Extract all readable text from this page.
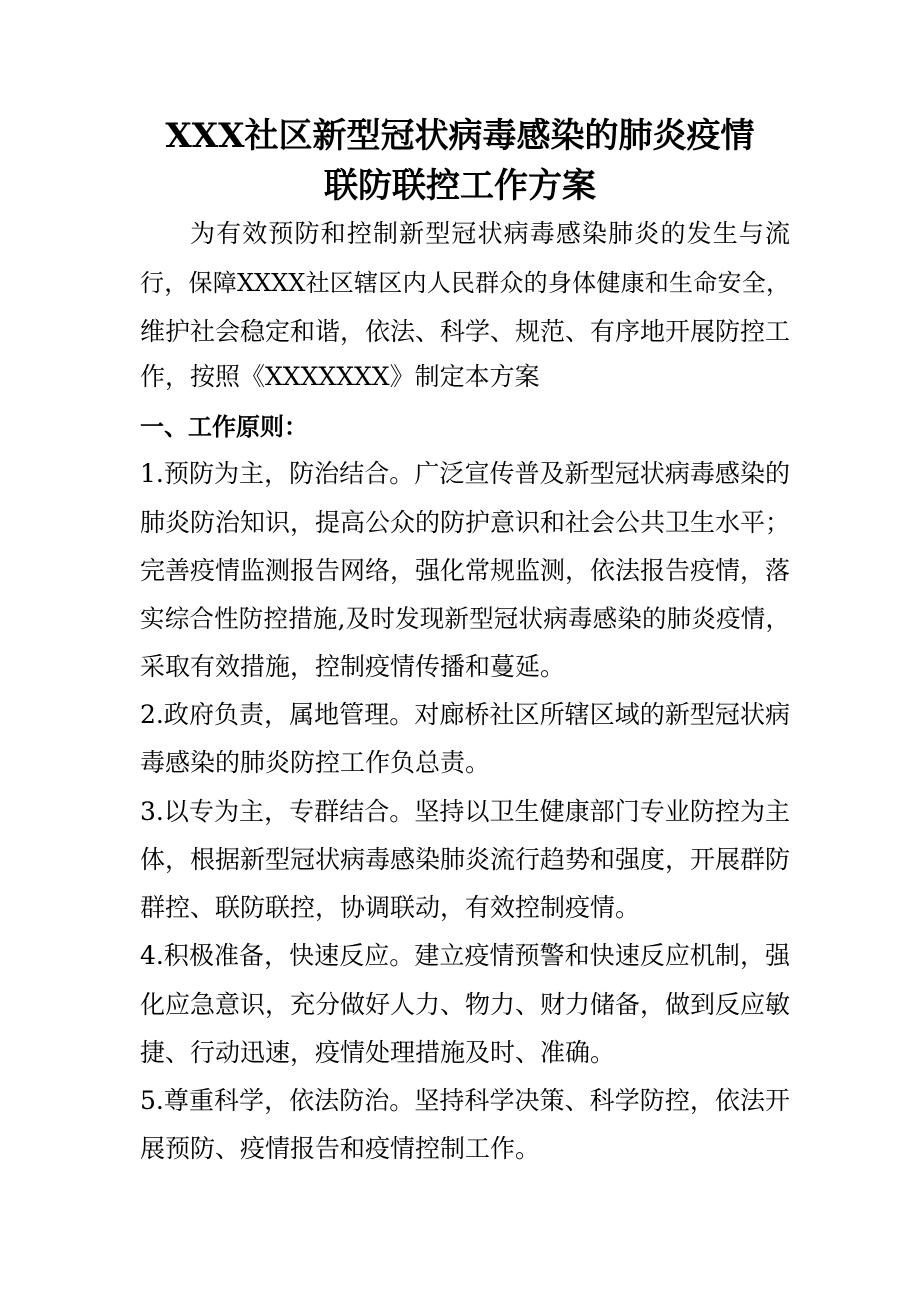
XXX社区新型冠状病毒感染的肺炎疫情
联防联控工作方案
为有效预防和控制新型冠状病毒感染肺炎的发生与流
行，保障XXXX社区辖区内人民群众的身体健康和生命安全，
维护社会稳定和谐，依法、科学、规范、有序地开展防控工
作，按照《XXXXXXX》制定本方案
一、工作原则：
1.预防为主，防治结合。广泛宣传普及新型冠状病毒感染的
肺炎防治知识，提高公众的防护意识和社会公共卫生水平；
完善疫情监测报告网络，强化常规监测，依法报告疫情，落
实综合性防控措施,及时发现新型冠状病毒感染的肺炎疫情，
采取有效措施，控制疫情传播和蔓延。
2.政府负责，属地管理。对廊桥社区所辖区域的新型冠状病
毒感染的肺炎防控工作负总责。
3.以专为主，专群结合。坚持以卫生健康部门专业防控为主
体，根据新型冠状病毒感染肺炎流行趋势和强度，开展群防
群控、联防联控，协调联动，有效控制疫情。
4.积极准备，快速反应。建立疫情预警和快速反应机制，强
化应急意识，充分做好人力、物力、财力储备，做到反应敏
捷、行动迅速，疫情处理措施及时、准确。
5.尊重科学，依法防治。坚持科学决策、科学防控，依法开
展预防、疫情报告和疫情控制工作。
